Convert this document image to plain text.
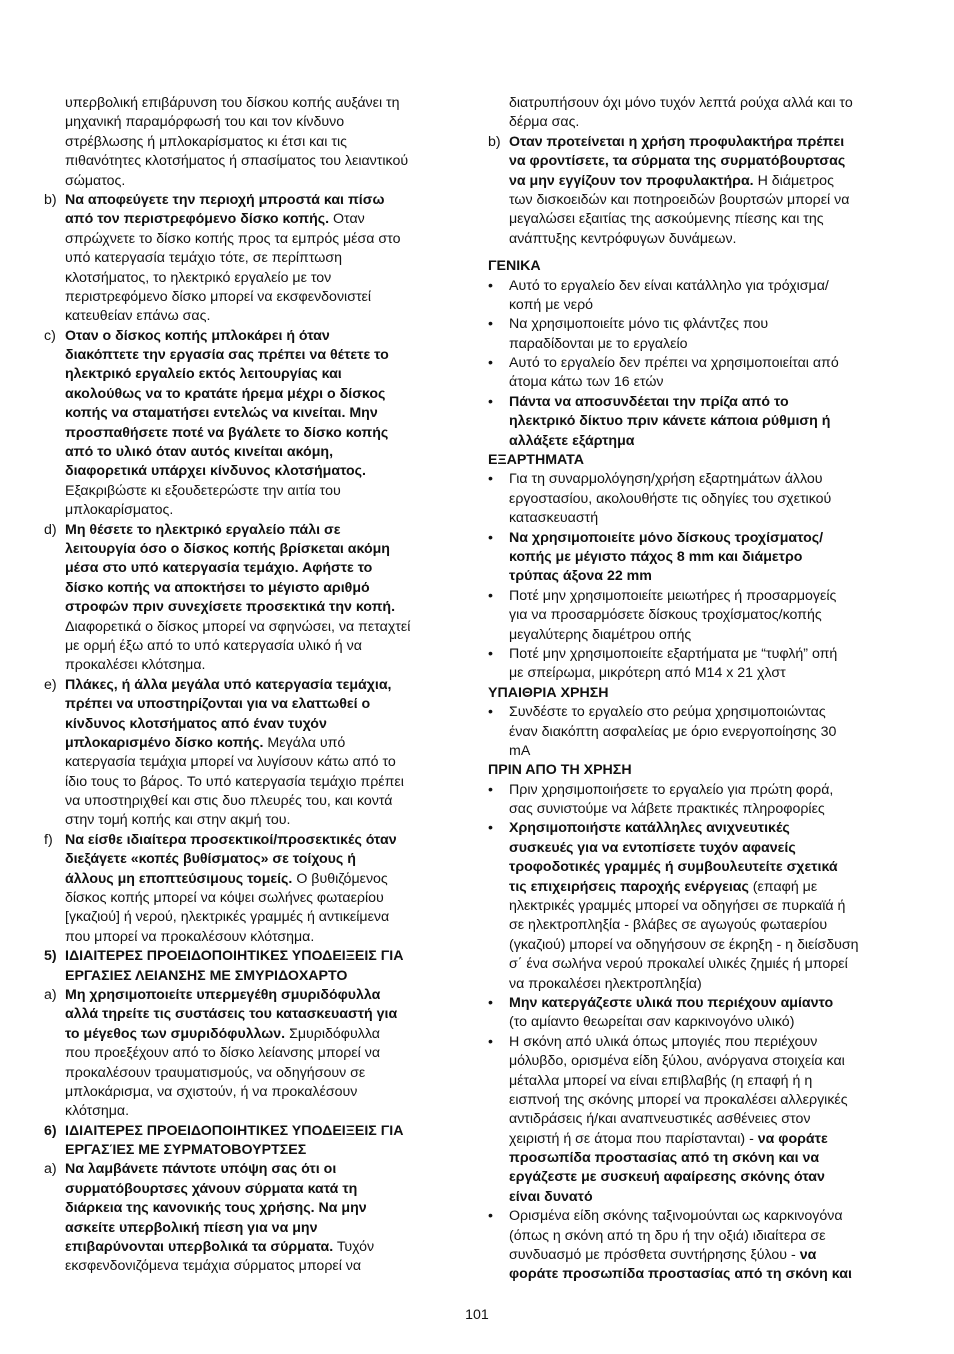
υπερβολική επιβάρυνση του δίσκου κοπής αυξάνει τη
μηχανική παραμόρφωσή του και τον κίνδυνο
στρέβλωσης ή μπλοκαρίσματος κι έτσι και τις
πιθανότητες κλοτσήματος ή σπασίματος του λειαντικού
σώματος.
b) Να αποφεύγετε την περιοχή μπροστά και πίσω
από τον περιστρεφόμενο δίσκο κοπής. Οταν
σπρώχνετε το δίσκο κοπής προς τα εμπρός μέσα στο
υπό κατεργασία τεμάχιο τότε, σε περίπτωση
κλοτσήματος, το ηλεκτρικό εργαλείο με τον
περιστρεφόμενο δίσκο μπορεί να εκσφενδονιστεί
κατευθείαν επάνω σας.
c) Οταν ο δίσκος κοπής μπλοκάρει ή όταν
διακόπτετε την εργασία σας πρέπει να θέτετε το
ηλεκτρικό εργαλείο εκτός λειτουργίας και
ακολούθως να το κρατάτε ήρεμα μέχρι ο δίσκος
κοπής να σταματήσει εντελώς να κινείται. Μην
προσπαθήσετε ποτέ να βγάλετε το δίσκο κοπής
από το υλικό όταν αυτός κινείται ακόμη,
διαφορετικά υπάρχει κίνδυνος κλοτσήματος.
Εξακριβώστε κι εξουδετερώστε την αιτία του
μπλοκαρίσματος.
d) Μη θέσετε το ηλεκτρικό εργαλείο πάλι σε
λειτουργία όσο ο δίσκος κοπής βρίσκεται ακόμη
μέσα στο υπό κατεργασία τεμάχιο. Αφήστε το
δίσκο κοπής να αποκτήσει το μέγιστο αριθμό
στροφών πριν συνεχίσετε προσεκτικά την κοπή.
Διαφορετικά ο δίσκος μπορεί να σφηνώσει, να πεταχτεί
με ορμή έξω από το υπό κατεργασία υλικό ή να
προκαλέσει κλότσημα.
e) Πλάκες, ή άλλα μεγάλα υπό κατεργασία τεμάχια,
πρέπει να υποστηρίζονται για να ελαττωθεί ο
κίνδυνος κλοτσήματος από έναν τυχόν
μπλοκαρισμένο δίσκο κοπής. Μεγάλα υπό
κατεργασία τεμάχια μπορεί να λυγίσουν κάτω από το
ίδιο τους το βάρος. Το υπό κατεργασία τεμάχιο πρέπει
να υποστηριχθεί και στις δυο πλευρές του, και κοντά
στην τομή κοπής και στην ακμή του.
f) Να είσθε ιδιαίτερα προσεκτικοί/προσεκτικές όταν
διεξάγετε «κοπές βυθίσματος» σε τοίχους ή
άλλους μη εποπτεύσιμους τομείς. Ο βυθιζόμενος
δίσκος κοπής μπορεί να κόψει σωλήνες φωταερίου
[γκαζιού] ή νερού, ηλεκτρικές γραμμές ή αντικείμενα
που μπορεί να προκαλέσουν κλότσημα.
5) ΙΔΙΑΙΤΕΡΕΣ ΠΡΟΕΙΔΟΠΟΙΗΤΙΚΕΣ ΥΠΟΔΕΙΞΕΙΣ ΓΙΑ
ΕΡΓΑΣΙΕΣ ΛΕΙΑΝΣΗΣ ΜΕ ΣΜΥΡΙΔΟΧΑΡΤΟ
a) Μη χρησιμοποιείτε υπερμεγέθη σμυριδόφυλλα
αλλά τηρείτε τις συστάσεις του κατασκευαστή για
το μέγεθος των σμυριδόφυλλων. Σμυριδόφυλλα
που προεξέχουν από το δίσκο λείανσης μπορεί να
προκαλέσουν τραυματισμούς, να οδηγήσουν σε
μπλοκάρισμα, να σχιστούν, ή να προκαλέσουν
κλότσημα.
6) ΙΔΙΑΙΤΕΡΕΣ ΠΡΟΕΙΔΟΠΟΙΗΤΙΚΕΣ ΥΠΟΔΕΙΞΕΙΣ ΓΙΑ
ΕΡΓΑΣΊΕΣ ΜΕ ΣΥΡΜΑΤΟΒΟΥΡΤΣΕΣ
a) Να λαμβάνετε πάντοτε υπόψη σας ότι οι
συρματόβουρτσες χάνουν σύρματα κατά τη
διάρκεια της κανονικής τους χρήσης. Να μην
ασκείτε υπερβολική πίεση για να μην
επιβαρύνονται υπερβολικά τα σύρματα. Τυχόν
εκσφενδονιζόμενα τεμάχια σύρματος μπορεί να
διατρυπήσουν όχι μόνο τυχόν λεπτά ρούχα αλλά και το
δέρμα σας.
b) Οταν προτείνεται η χρήση προφυλακτήρα πρέπει
να φροντίσετε, τα σύρματα της συρματόβουρτσας
να μην εγγίζουν τον προφυλακτήρα. Η διάμετρος
των δισκοειδών και ποτηροειδών βουρτσών μπορεί να
μεγαλώσει εξαιτίας της ασκούμενης πίεσης και της
ανάπτυξης κεντρόφυγων δυνάμεων.
ΓΕΝΙΚΑ
• Αυτό το εργαλείο δεν είναι κατάλληλο για τρόχισμα/
κοπή με νερό
• Να χρησιμοποιείτε μόνο τις φλάντζες που
παραδίδονται με το εργαλείο
• Αυτό το εργαλείο δεν πρέπει να χρησιμοποιείται από
άτομα κάτω των 16 ετών
• Πάντα να αποσυνδέεται την πρίζα από το
ηλεκτρικό δίκτυο πριν κάνετε κάποια ρύθμιση ή
αλλάξετε εξάρτημα
ΕΞΑΡΤΗΜΑΤΑ
• Για τη συναρμολόγηση/χρήση εξαρτημάτων άλλου
εργοστασίου, ακολουθήστε τις οδηγίες του σχετικού
κατασκευαστή
• Να χρησιμοποιείτε μόνο δίσκους τροχίσματος/
κοπής με μέγιστο πάχος 8 mm και διάμετρο
τρύπας άξονα 22 mm
• Ποτέ μην χρησιμοποιείτε μειωτήρες ή προσαρμογείς
για να προσαρμόσετε δίσκους τροχίσματος/κοπής
μεγαλύτερης διαμέτρου οπής
• Ποτέ μην χρησιμοποιείτε εξαρτήματα με “τυφλή” οπή
με σπείρωμα, μικρότερη από M14 x 21 χλστ
ΥΠΑΙΘΡΙΑ ΧΡΗΣΗ
• Συνδέστε το εργαλείο στο ρεύμα χρησιμοποιώντας
έναν διακόπτη ασφαλείας με όριο ενεργοποίησης 30
mA
ΠΡΙΝ ΑΠΟ ΤΗ ΧΡΗΣΗ
• Πριν χρησιμοποιήσετε το εργαλείο για πρώτη φορά,
σας συνιστούμε να λάβετε πρακτικές πληροφορίες
• Χρησιμοποιήστε κατάλληλες ανιχνευτικές
συσκευές για να εντοπίσετε τυχόν αφανείς
τροφοδοτικές γραμμές ή συμβουλευτείτε σχετικά
τις επιχειρήσεις παροχής ενέργειας (επαφή με
ηλεκτρικές γραμμές μπορεί να οδηγήσει σε πυρκαϊά ή
σε ηλεκτροπληξία - βλάβες σε αγωγούς φωταερίου
(γκαζιού) μπορεί να οδηγήσουν σε έκρηξη - η διείσδυση
σ΄ ένα σωλήνα νερού προκαλεί υλικές ζημιές ή μπορεί
να προκαλέσει ηλεκτροπληξία)
• Μην κατεργάζεστε υλικά που περιέχουν αμίαντο
(το αμίαντο θεωρείται σαν καρκινογόνο υλικό)
• Η σκόνη από υλικά όπως μπογιές που περιέχουν
μόλυβδο, ορισμένα είδη ξύλου, ανόργανα στοιχεία και
μέταλλα μπορεί να είναι επιβλαβής (η επαφή ή η
εισπνοή της σκόνης μπορεί να προκαλέσει αλλεργικές
αντιδράσεις ή/και αναπνευστικές ασθένειες στον
χειριστή ή σε άτομα που παρίστανται) - να φοράτε
προσωπίδα προστασίας από τη σκόνη και να
εργάζεστε με συσκευή αφαίρεσης σκόνης όταν
είναι δυνατό
• Ορισμένα είδη σκόνης ταξινομούνται ως καρκινογόνα
(όπως η σκόνη από τη δρυ ή την οξιά) ιδιαίτερα σε
συνδυασμό με πρόσθετα συντήρησης ξύλου - να
φοράτε προσωπίδα προστασίας από τη σκόνη και
101
